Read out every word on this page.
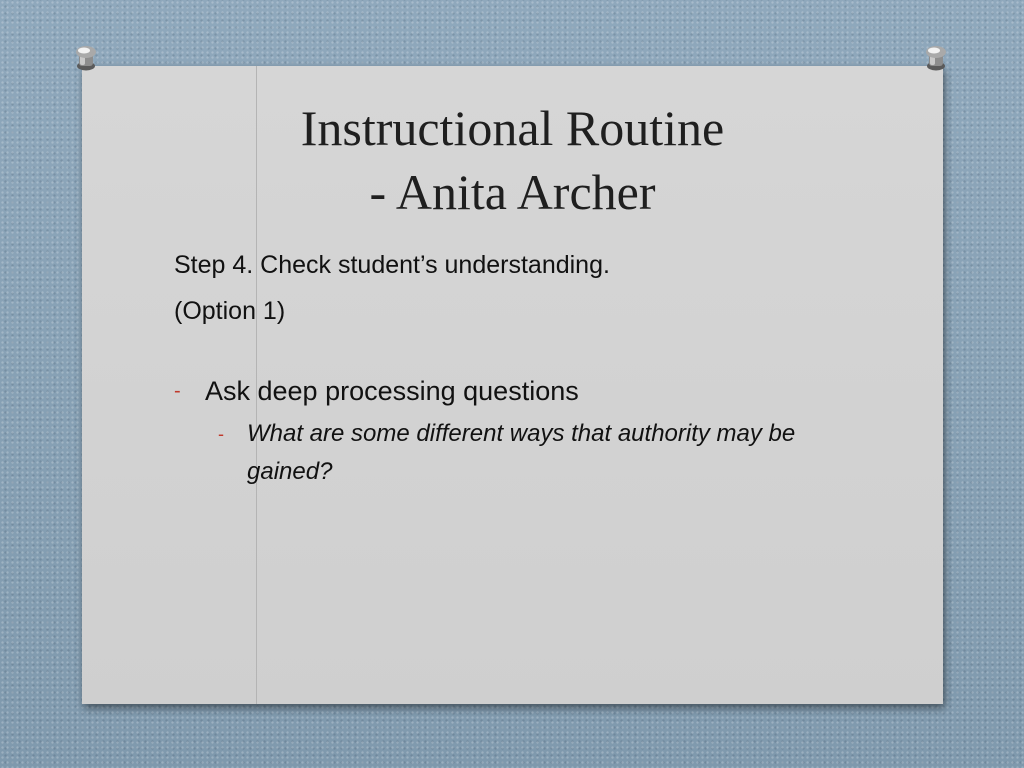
Instructional Routine
- Anita Archer

Step 4. Check student’s understanding.

(Option 1)

- Ask deep processing questions
- What are some different ways that authority may be gained?
